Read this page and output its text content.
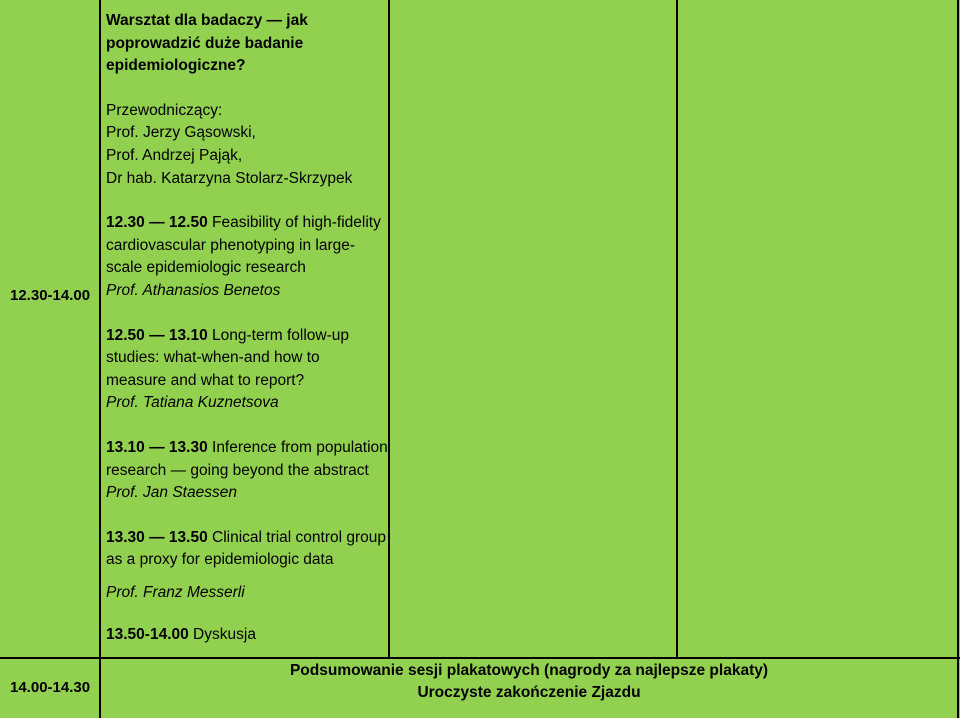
12.30-14.00

Warsztat dla badaczy — jak
poprowadzić duże badanie
epidemiologiczne?

Przewodniczący:
Prof. Jerzy Gąsowski,
Prof. Andrzej Pająk,
Dr hab. Katarzyna Stolarz-Skrzypek

12.30 — 12.50 Feasibility of high-fidelity
cardiovascular phenotyping in large-
scale epidemiologic research
Prof. Athanasios Benetos

12.50 — 13.10 Long-term follow-up
studies: what-when-and how to
measure and what to report?
Prof. Tatiana Kuznetsova

13.10 — 13.30 Inference from population
research — going beyond the abstract
Prof. Jan Staessen

13.30 — 13.50 Clinical trial control group
as a proxy for epidemiologic data

Prof. Franz Messerli

13.50-14.00 Dyskusja

14.00-14.30
Podsumowanie sesji plakatowych (nagrody za najlepsze plakaty)
Uroczyste zakończenie Zjazdu
